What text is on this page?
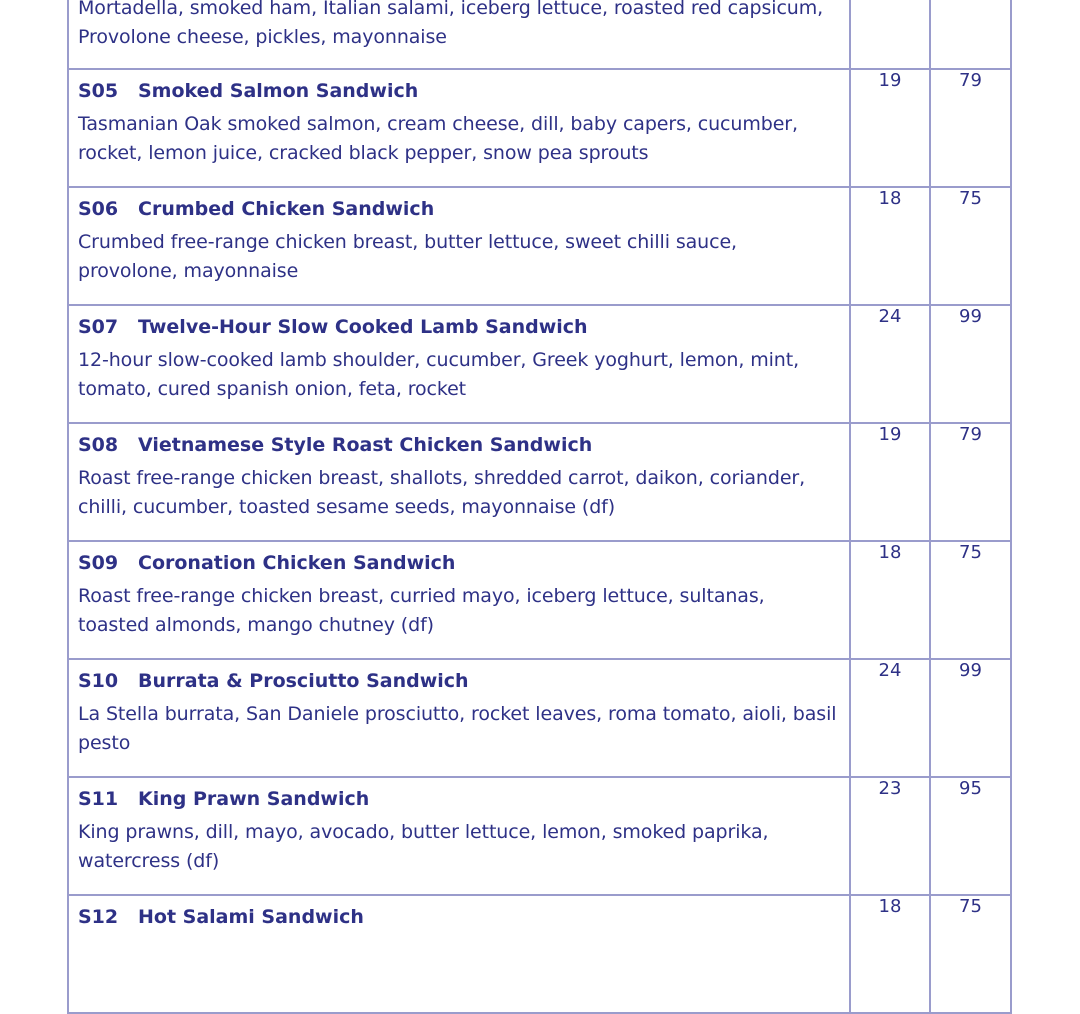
Mortadella, smoked ham, Italian salami, iceberg lettuce, roasted red capsicum, Provolone cheese, pickles, mayonnaise		

S05 Smoked Salmon Sandwich
Tasmanian Oak smoked salmon, cream cheese, dill, baby capers, cucumber, rocket, lemon juice, cracked black pepper, snow pea sprouts	19	79

S06 Crumbed Chicken Sandwich
Crumbed free-range chicken breast, butter lettuce, sweet chilli sauce, provolone, mayonnaise	18	75

S07 Twelve-Hour Slow Cooked Lamb Sandwich
12-hour slow-cooked lamb shoulder, cucumber, Greek yoghurt, lemon, mint, tomato, cured spanish onion, feta, rocket	24	99

S08 Vietnamese Style Roast Chicken Sandwich
Roast free-range chicken breast, shallots, shredded carrot, daikon, coriander, chilli, cucumber, toasted sesame seeds, mayonnaise (df)	19	79

S09 Coronation Chicken Sandwich
Roast free-range chicken breast, curried mayo, iceberg lettuce, sultanas, toasted almonds, mango chutney (df)	18	75

S10 Burrata & Prosciutto Sandwich
La Stella burrata, San Daniele prosciutto, rocket leaves, roma tomato, aioli, basil pesto	24	99

S11 King Prawn Sandwich
King prawns, dill, mayo, avocado, butter lettuce, lemon, smoked paprika, watercress (df)	23	95

S12 Hot Salami Sandwich	18	75
